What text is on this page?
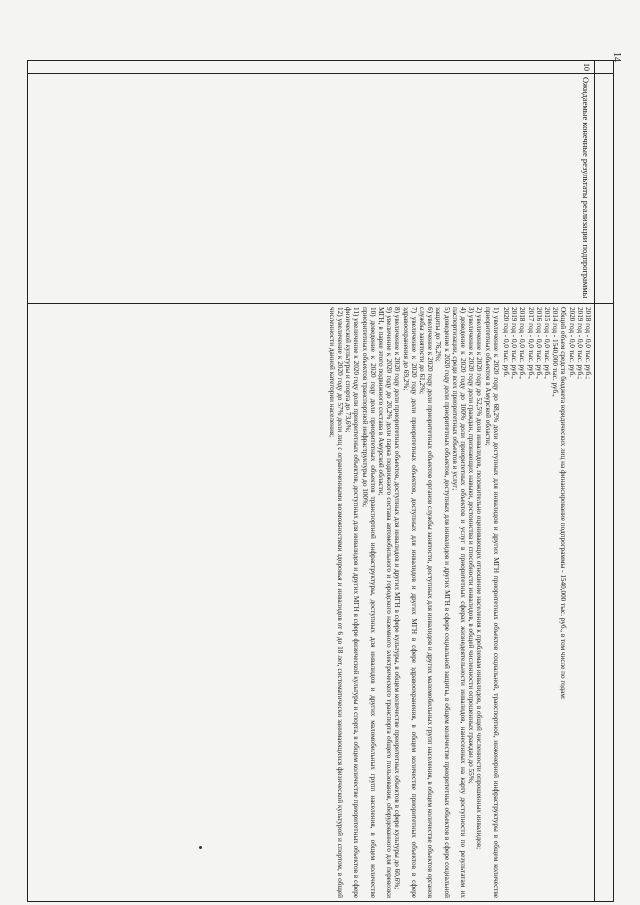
14
10
Ожидаемые конечные результаты реализации подпрограммы

2018 год - 0,0 тыс. руб.;

2019 год - 0,0 тыс. руб.;

2020 год - 0,0 тыс. руб.

Общий объем средств бюджета юридических лиц на финансирование подпрограммы - 1540,000 тыс. руб., в том числе по годам:

2014 год - 1540,000 тыс. руб.,

2015 год - 0,0 тыс. руб.,

2016 год - 0,0 тыс. руб.,

2017 год - 0,0 тыс. руб.,

2018 год - 0,0 тыс. руб.,

2019 год - 0,0 тыс. руб.,

2020 год - 0,0 тыс. руб.

1) увеличение к 2020 году до 68,2% доли доступных для инвалидов и других МГН приоритетных объектов социальной, транспортной, инженерной инфраструктуры в общем количестве приоритетных объектов в Амурской области;

2) увеличение к 2020 году до 52,5% доли инвалидов, положительно оценивающих отношение населения к проблемам инвалидов, в общей численности опрошенных инвалидов;

3) увеличение к 2020 году доли граждан, признающих навыки, достоинства и способности инвалидов, в общей численности опрошенных граждан до 55%;

4) доведение к 2020 году до 100% доли приоритетных объектов и услуг в приоритетных сферах жизнедеятельности инвалидов, нанесенных на карту доступности по результатам их паспортизации, среди всех приоритетных объектов и услуг;

5) доведение к 2020 году доли приоритетных объектов, доступных для инвалидов и других МГН в сфере социальной защиты, в общем количестве приоритетных объектов в сфере социальной защиты до 76,2%;

6) увеличение к 2020 году доли приоритетных объектов органов службы занятости, доступных для инвалидов и других маломобильных групп населения, в общем количестве объектов органов службы занятости до 61,2%;

7) увеличение к 2020 году доли приоритетных объектов, доступных для инвалидов и других МГН в сфере здравоохранения, в общем количестве приоритетных объектов в сфере здравоохранения до 69,2%;

8) увеличение к 2020 году доли приоритетных объектов, доступных для инвалидов и других МГН в сфере культуры, в общем количестве приоритетных объектов в сфере культуры до 60,6%;

9) увеличение к 2020 году до 20,2% доли парка подвижного состава автомобильного и городского наземного электрического транспорта общего пользования, оборудованного для перевозки МГН, в парке этого подвижного состава в Амурской области;

10) доведение к 2020 году доли приоритетных объектов транспортной инфраструктуры, доступных для инвалидов и других маломобильных групп населения, в общем количестве приоритетных объектов транспортной инфраструктуры до 100%;

11) увеличение к 2020 году доли приоритетных объектов, доступных для инвалидов и других МГН в сфере физической культуры и спорта, в общем количестве приоритетных объектов в сфере физической культуры и спорта до 73,6%;

12) увеличение к 2020 году до 57% доли лиц с ограниченными возможностями здоровья и инвалидов от 6 до 18 лет, систематически занимающихся физической культурой и спортом, в общей численности данной категории населения;
